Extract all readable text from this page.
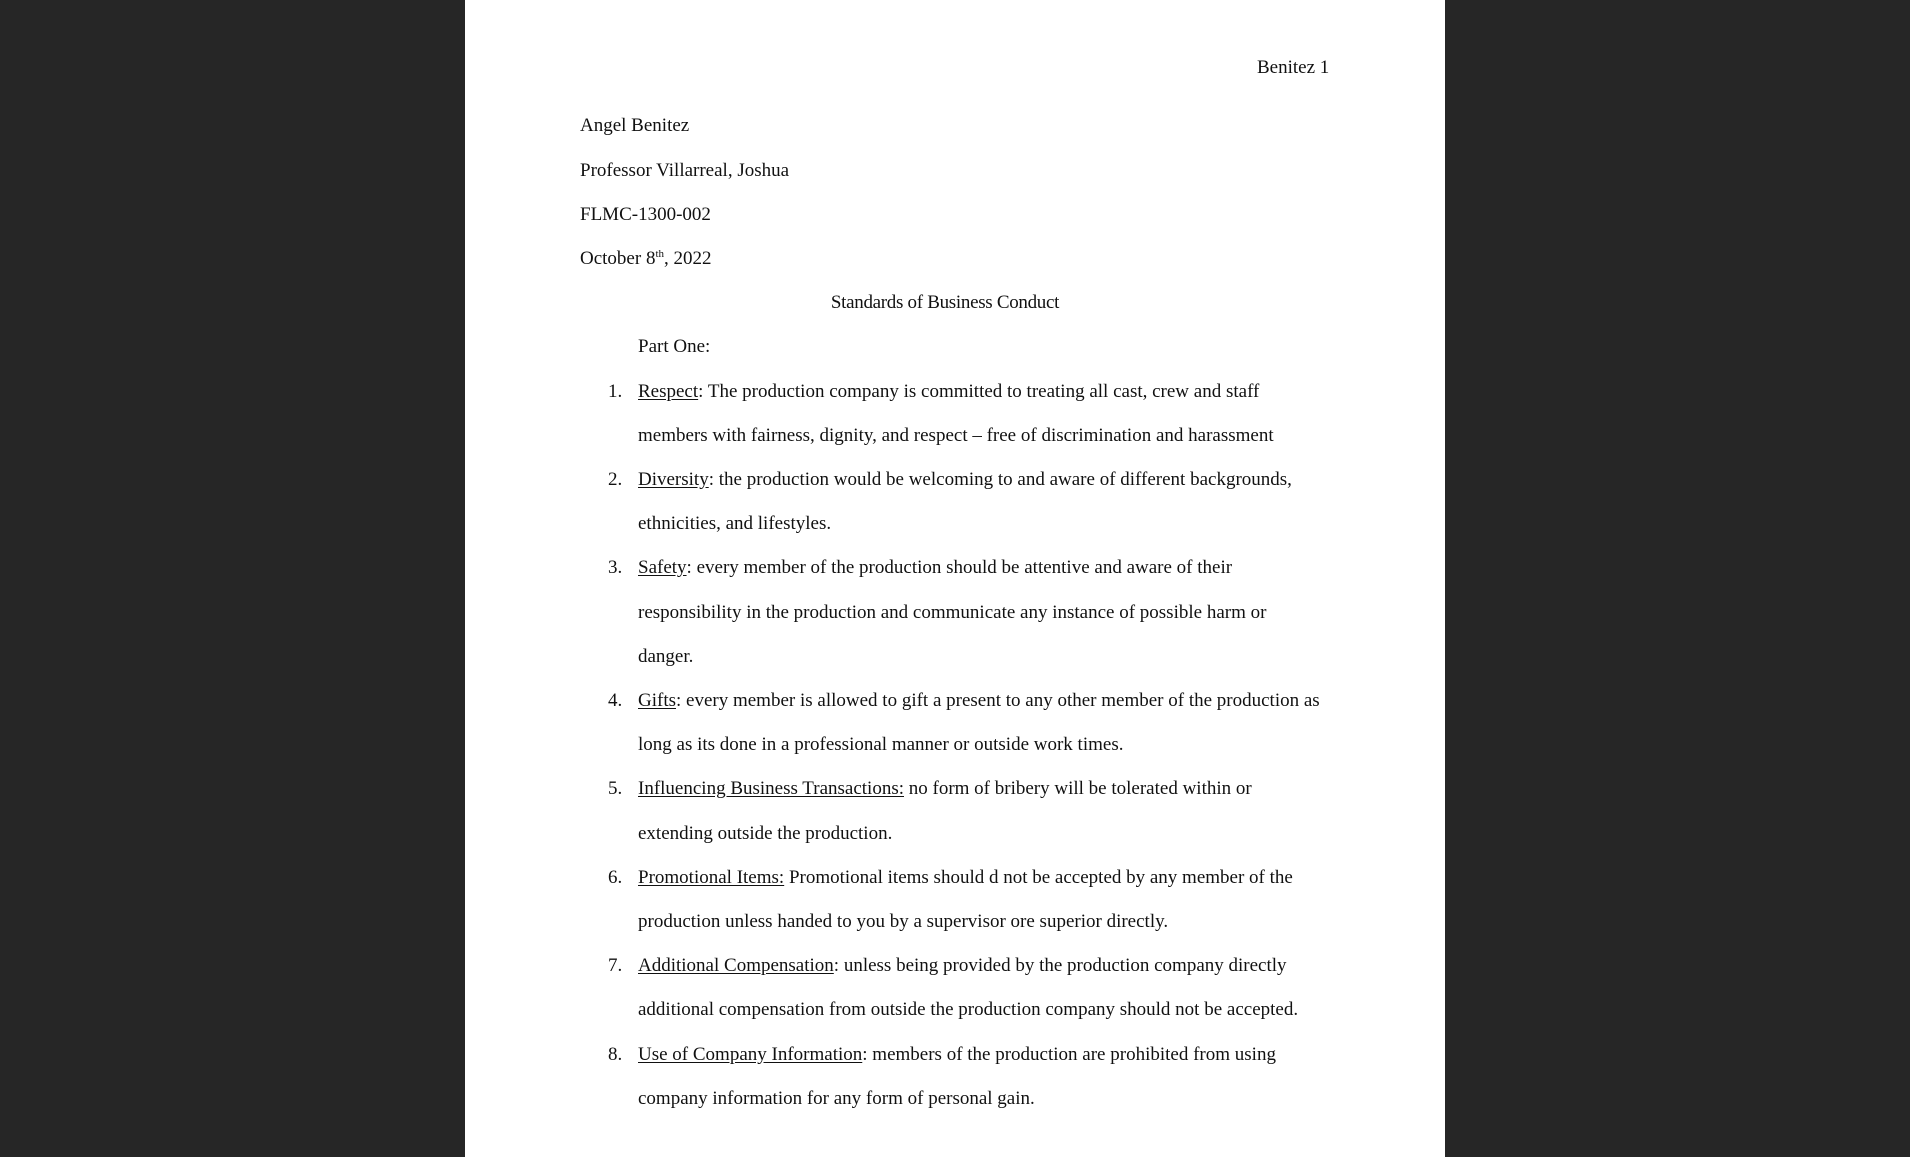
Benitez 1
Angel Benitez
Professor Villarreal, Joshua
FLMC-1300-002
October 8th, 2022
Standards of Business Conduct
Part One:
1. Respect: The production company is committed to treating all cast, crew and staff
members with fairness, dignity, and respect – free of discrimination and harassment
2. Diversity: the production would be welcoming to and aware of different backgrounds,
ethnicities, and lifestyles.
3. Safety: every member of the production should be attentive and aware of their
responsibility in the production and communicate any instance of possible harm or
danger.
4. Gifts: every member is allowed to gift a present to any other member of the production as
long as its done in a professional manner or outside work times.
5. Influencing Business Transactions: no form of bribery will be tolerated within or
extending outside the production.
6. Promotional Items: Promotional items should d not be accepted by any member of the
production unless handed to you by a supervisor ore superior directly.
7. Additional Compensation: unless being provided by the production company directly
additional compensation from outside the production company should not be accepted.
8. Use of Company Information: members of the production are prohibited from using
company information for any form of personal gain.
